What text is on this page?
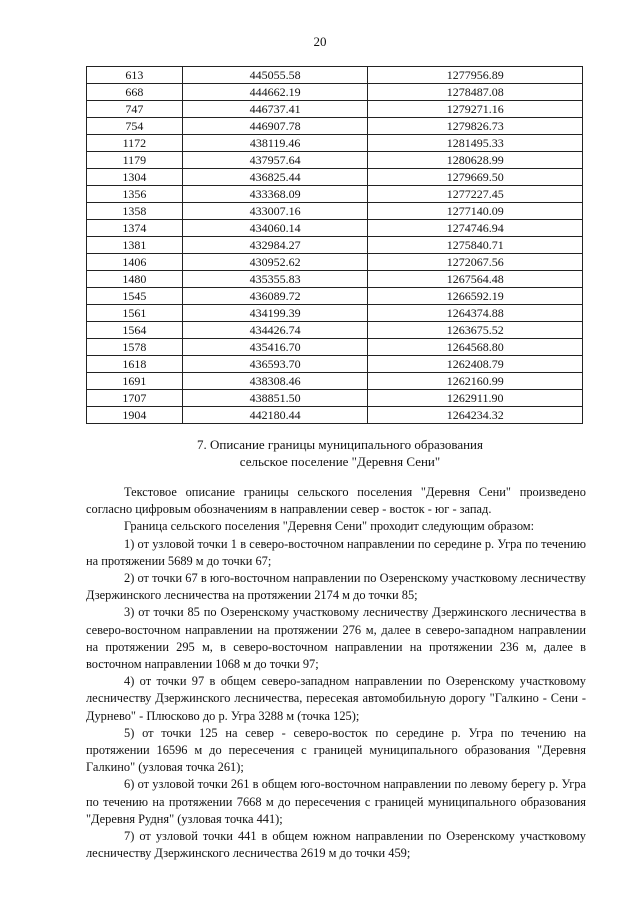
20
613	445055.58	1277956.89
668	444662.19	1278487.08
747	446737.41	1279271.16
754	446907.78	1279826.73
1172	438119.46	1281495.33
1179	437957.64	1280628.99
1304	436825.44	1279669.50
1356	433368.09	1277227.45
1358	433007.16	1277140.09
1374	434060.14	1274746.94
1381	432984.27	1275840.71
1406	430952.62	1272067.56
1480	435355.83	1267564.48
1545	436089.72	1266592.19
1561	434199.39	1264374.88
1564	434426.74	1263675.52
1578	435416.70	1264568.80
1618	436593.70	1262408.79
1691	438308.46	1262160.99
1707	438851.50	1262911.90
1904	442180.44	1264234.32
7. Описание границы муниципального образования
сельское поселение "Деревня Сени"

Текстовое описание границы сельского поселения "Деревня Сени" произведено согласно цифровым обозначениям в направлении север - восток - юг - запад.

Граница сельского поселения "Деревня Сени" проходит следующим образом:

1) от узловой точки 1 в северо-восточном направлении по середине р. Угра по течению на протяжении 5689 м до точки 67;

2) от точки 67 в юго-восточном направлении по Озеренскому участковому лесничеству Дзержинского лесничества на протяжении 2174 м до точки 85;

3) от точки 85 по Озеренскому участковому лесничеству Дзержинского лесничества в северо-восточном направлении на протяжении 276 м, далее в северо-западном направлении на протяжении 295 м, в северо-восточном направлении на протяжении 236 м, далее в восточном направлении 1068 м до точки 97;

4) от точки 97 в общем северо-западном направлении по Озеренскому участковому лесничеству Дзержинского лесничества, пересекая автомобильную дорогу "Галкино - Сени - Дурнево" - Плюсково до р. Угра 3288 м (точка 125);

5) от точки 125 на север - северо-восток по середине р. Угра по течению на протяжении 16596 м до пересечения с границей муниципального образования "Деревня Галкино" (узловая точка 261);

6) от узловой точки 261 в общем юго-восточном направлении по левому берегу р. Угра по течению на протяжении 7668 м до пересечения с границей муниципального образования "Деревня Рудня" (узловая точка 441);

7) от узловой точки 441 в общем южном направлении по Озеренскому участковому лесничеству Дзержинского лесничества 2619 м до точки 459;
